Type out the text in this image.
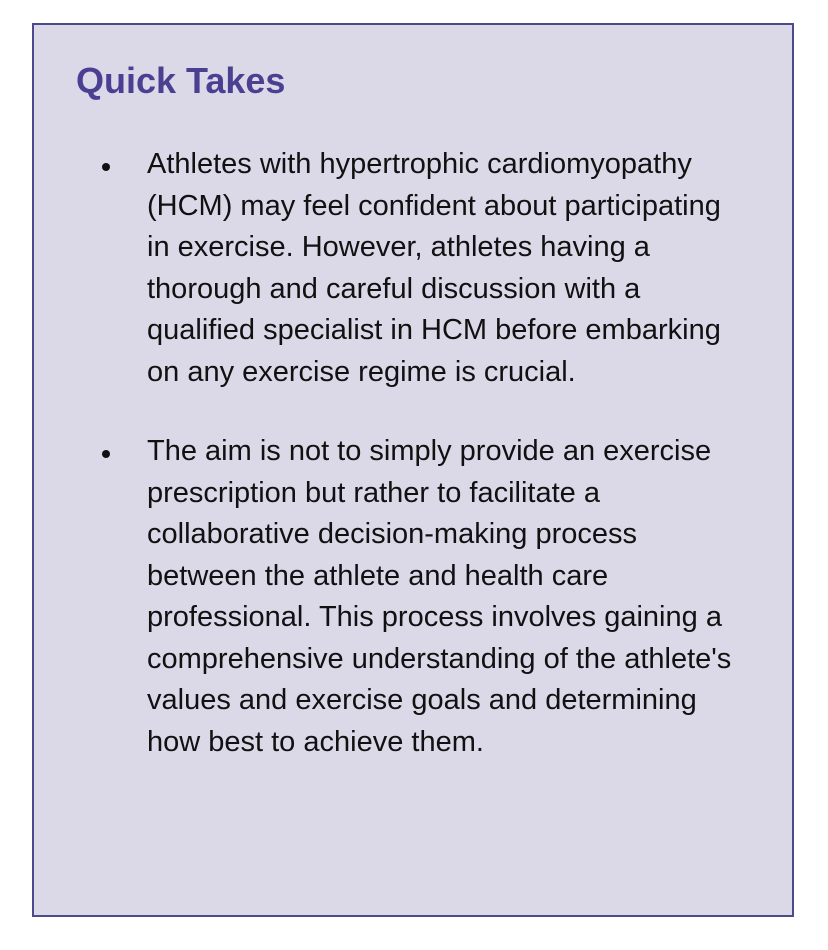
Quick Takes
Athletes with hypertrophic cardiomyopathy (HCM) may feel confident about participating in exercise. However, athletes having a thorough and careful discussion with a qualified specialist in HCM before embarking on any exercise regime is crucial.
The aim is not to simply provide an exercise prescription but rather to facilitate a collaborative decision-making process between the athlete and health care professional. This process involves gaining a comprehensive understanding of the athlete's values and exercise goals and determining how best to achieve them.
